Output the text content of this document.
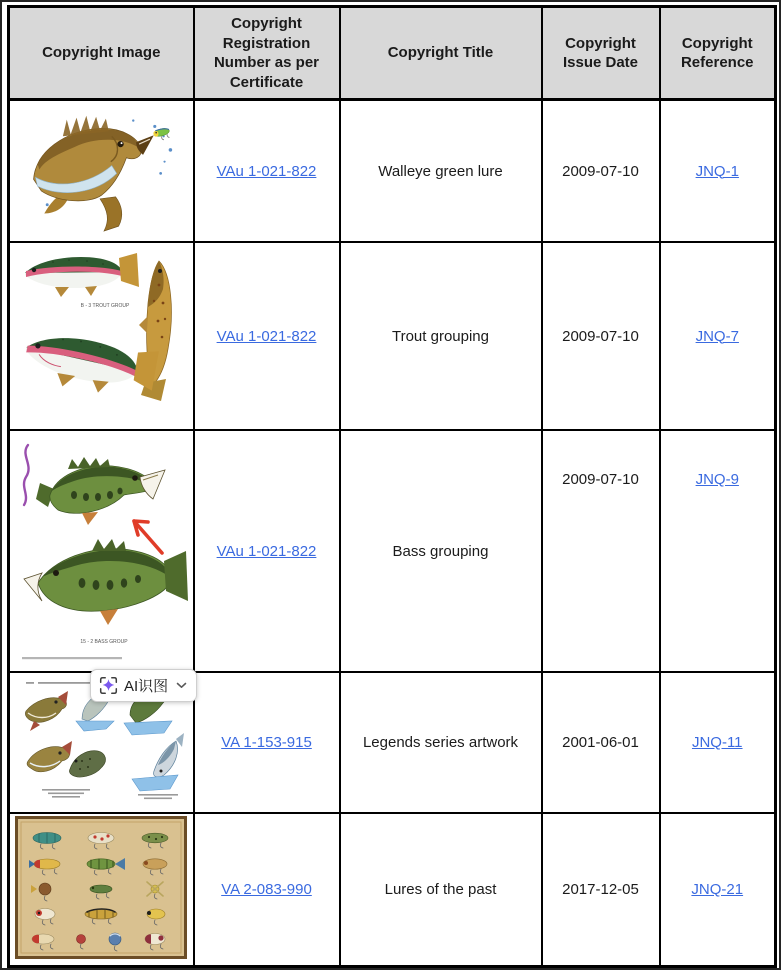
Copyright Image	Copyright Registration Number as per Certificate	Copyright Title	Copyright Issue Date	Copyright Reference
	VAu 1-021-822	Walleye green lure	2009-07-10	JNQ-1

B - 3 TROUT GROUP	VAu 1-021-822	Trout grouping	2009-07-10	JNQ-7

15 - 2 BASS GROUP	VAu 1-021-822	Bass grouping	2009-07-10	JNQ-9
	VA 1-153-915	Legends series artwork	2001-06-01	JNQ-11
	VA 2-083-990	Lures of the past	2017-12-05	JNQ-21
AI识图
